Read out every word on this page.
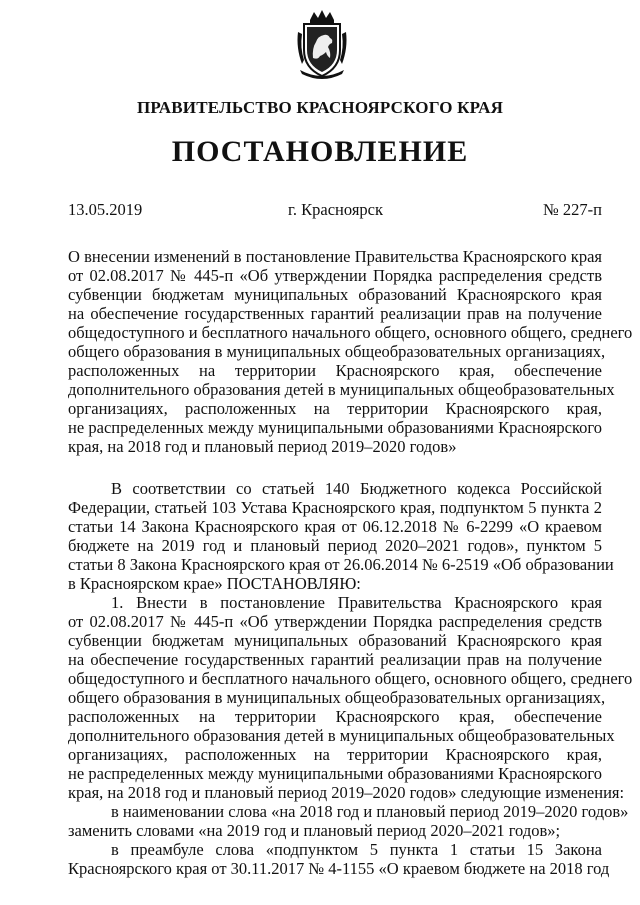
ПРАВИТЕЛЬСТВО КРАСНОЯРСКОГО КРАЯ
ПОСТАНОВЛЕНИЕ
13.05.2019	г. Красноярск	№ 227-п
О внесении изменений в постановление Правительства Красноярского края
от 02.08.2017 № 445-п «Об утверждении Порядка распределения средств
субвенции бюджетам муниципальных образований Красноярского края
на обеспечение государственных гарантий реализации прав на получение
общедоступного и бесплатного начального общего, основного общего, среднего
общего образования в муниципальных общеобразовательных организациях,
расположенных на территории Красноярского края, обеспечение
дополнительного образования детей в муниципальных общеобразовательных
организациях, расположенных на территории Красноярского края,
не распределенных между муниципальными образованиями Красноярского
края, на 2018 год и плановый период 2019–2020 годов»
В соответствии со статьей 140 Бюджетного кодекса Российской
Федерации, статьей 103 Устава Красноярского края, подпунктом 5 пункта 2
статьи 14 Закона Красноярского края от 06.12.2018 № 6-2299 «О краевом
бюджете на 2019 год и плановый период 2020–2021 годов», пунктом 5
статьи 8 Закона Красноярского края от 26.06.2014 № 6-2519 «Об образовании
в Красноярском крае» ПОСТАНОВЛЯЮ:
1. Внести в постановление Правительства Красноярского края
от 02.08.2017 № 445-п «Об утверждении Порядка распределения средств
субвенции бюджетам муниципальных образований Красноярского края
на обеспечение государственных гарантий реализации прав на получение
общедоступного и бесплатного начального общего, основного общего, среднего
общего образования в муниципальных общеобразовательных организациях,
расположенных на территории Красноярского края, обеспечение
дополнительного образования детей в муниципальных общеобразовательных
организациях, расположенных на территории Красноярского края,
не распределенных между муниципальными образованиями Красноярского
края, на 2018 год и плановый период 2019–2020 годов» следующие изменения:
в наименовании слова «на 2018 год и плановый период 2019–2020 годов»
заменить словами «на 2019 год и плановый период 2020–2021 годов»;
в преамбуле слова «подпунктом 5 пункта 1 статьи 15 Закона
Красноярского края от 30.11.2017 № 4-1155 «О краевом бюджете на 2018 год
